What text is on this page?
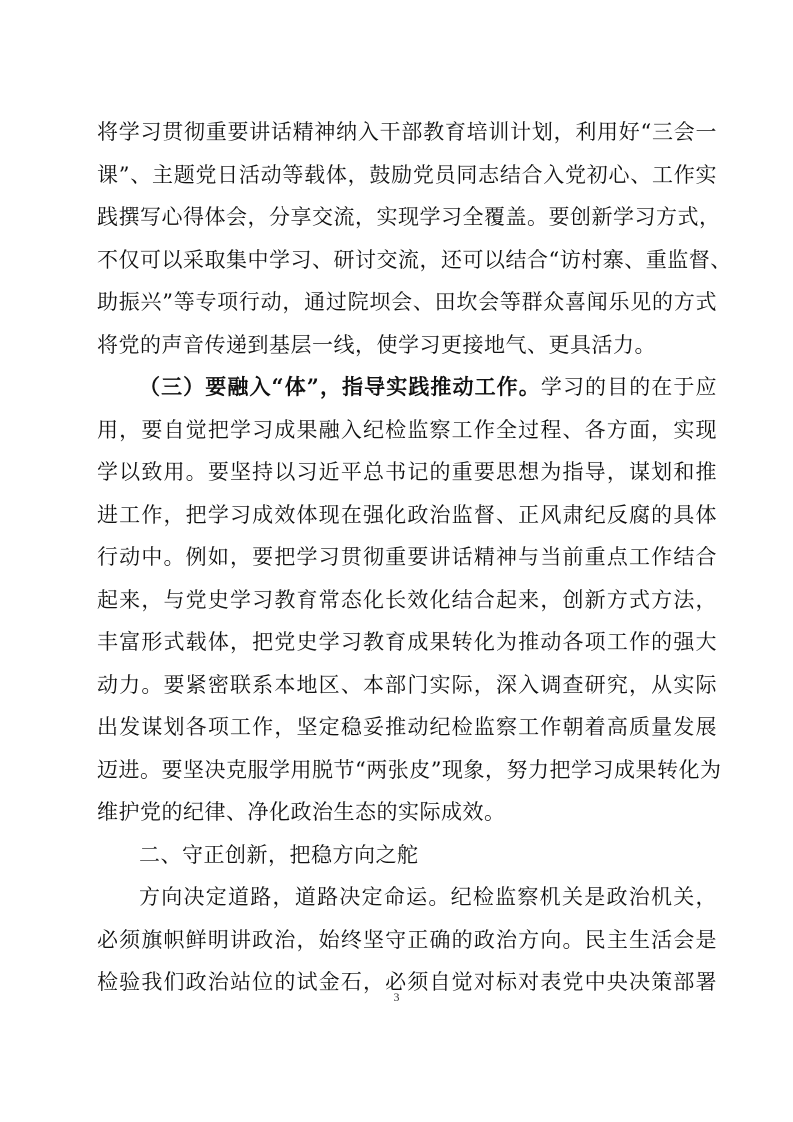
将学习贯彻重要讲话精神纳入干部教育培训计划，利用好“三会一
课”、主题党日活动等载体，鼓励党员同志结合入党初心、工作实
践撰写心得体会，分享交流，实现学习全覆盖。要创新学习方式，
不仅可以采取集中学习、研讨交流，还可以结合“访村寨、重监督、
助振兴”等专项行动，通过院坝会、田坎会等群众喜闻乐见的方式
将党的声音传递到基层一线，使学习更接地气、更具活力。
（三）要融入“体”，指导实践推动工作。学习的目的在于应
用，要自觉把学习成果融入纪检监察工作全过程、各方面，实现
学以致用。要坚持以习近平总书记的重要思想为指导，谋划和推
进工作，把学习成效体现在强化政治监督、正风肃纪反腐的具体
行动中。例如，要把学习贯彻重要讲话精神与当前重点工作结合
起来，与党史学习教育常态化长效化结合起来，创新方式方法，
丰富形式载体，把党史学习教育成果转化为推动各项工作的强大
动力。要紧密联系本地区、本部门实际，深入调查研究，从实际
出发谋划各项工作，坚定稳妥推动纪检监察工作朝着高质量发展
迈进。要坚决克服学用脱节“两张皮”现象，努力把学习成果转化为
维护党的纪律、净化政治生态的实际成效。
二、守正创新，把稳方向之舵
方向决定道路，道路决定命运。纪检监察机关是政治机关，
必须旗帜鲜明讲政治，始终坚守正确的政治方向。民主生活会是
检验我们政治站位的试金石，必须自觉对标对表党中央决策部署
3
